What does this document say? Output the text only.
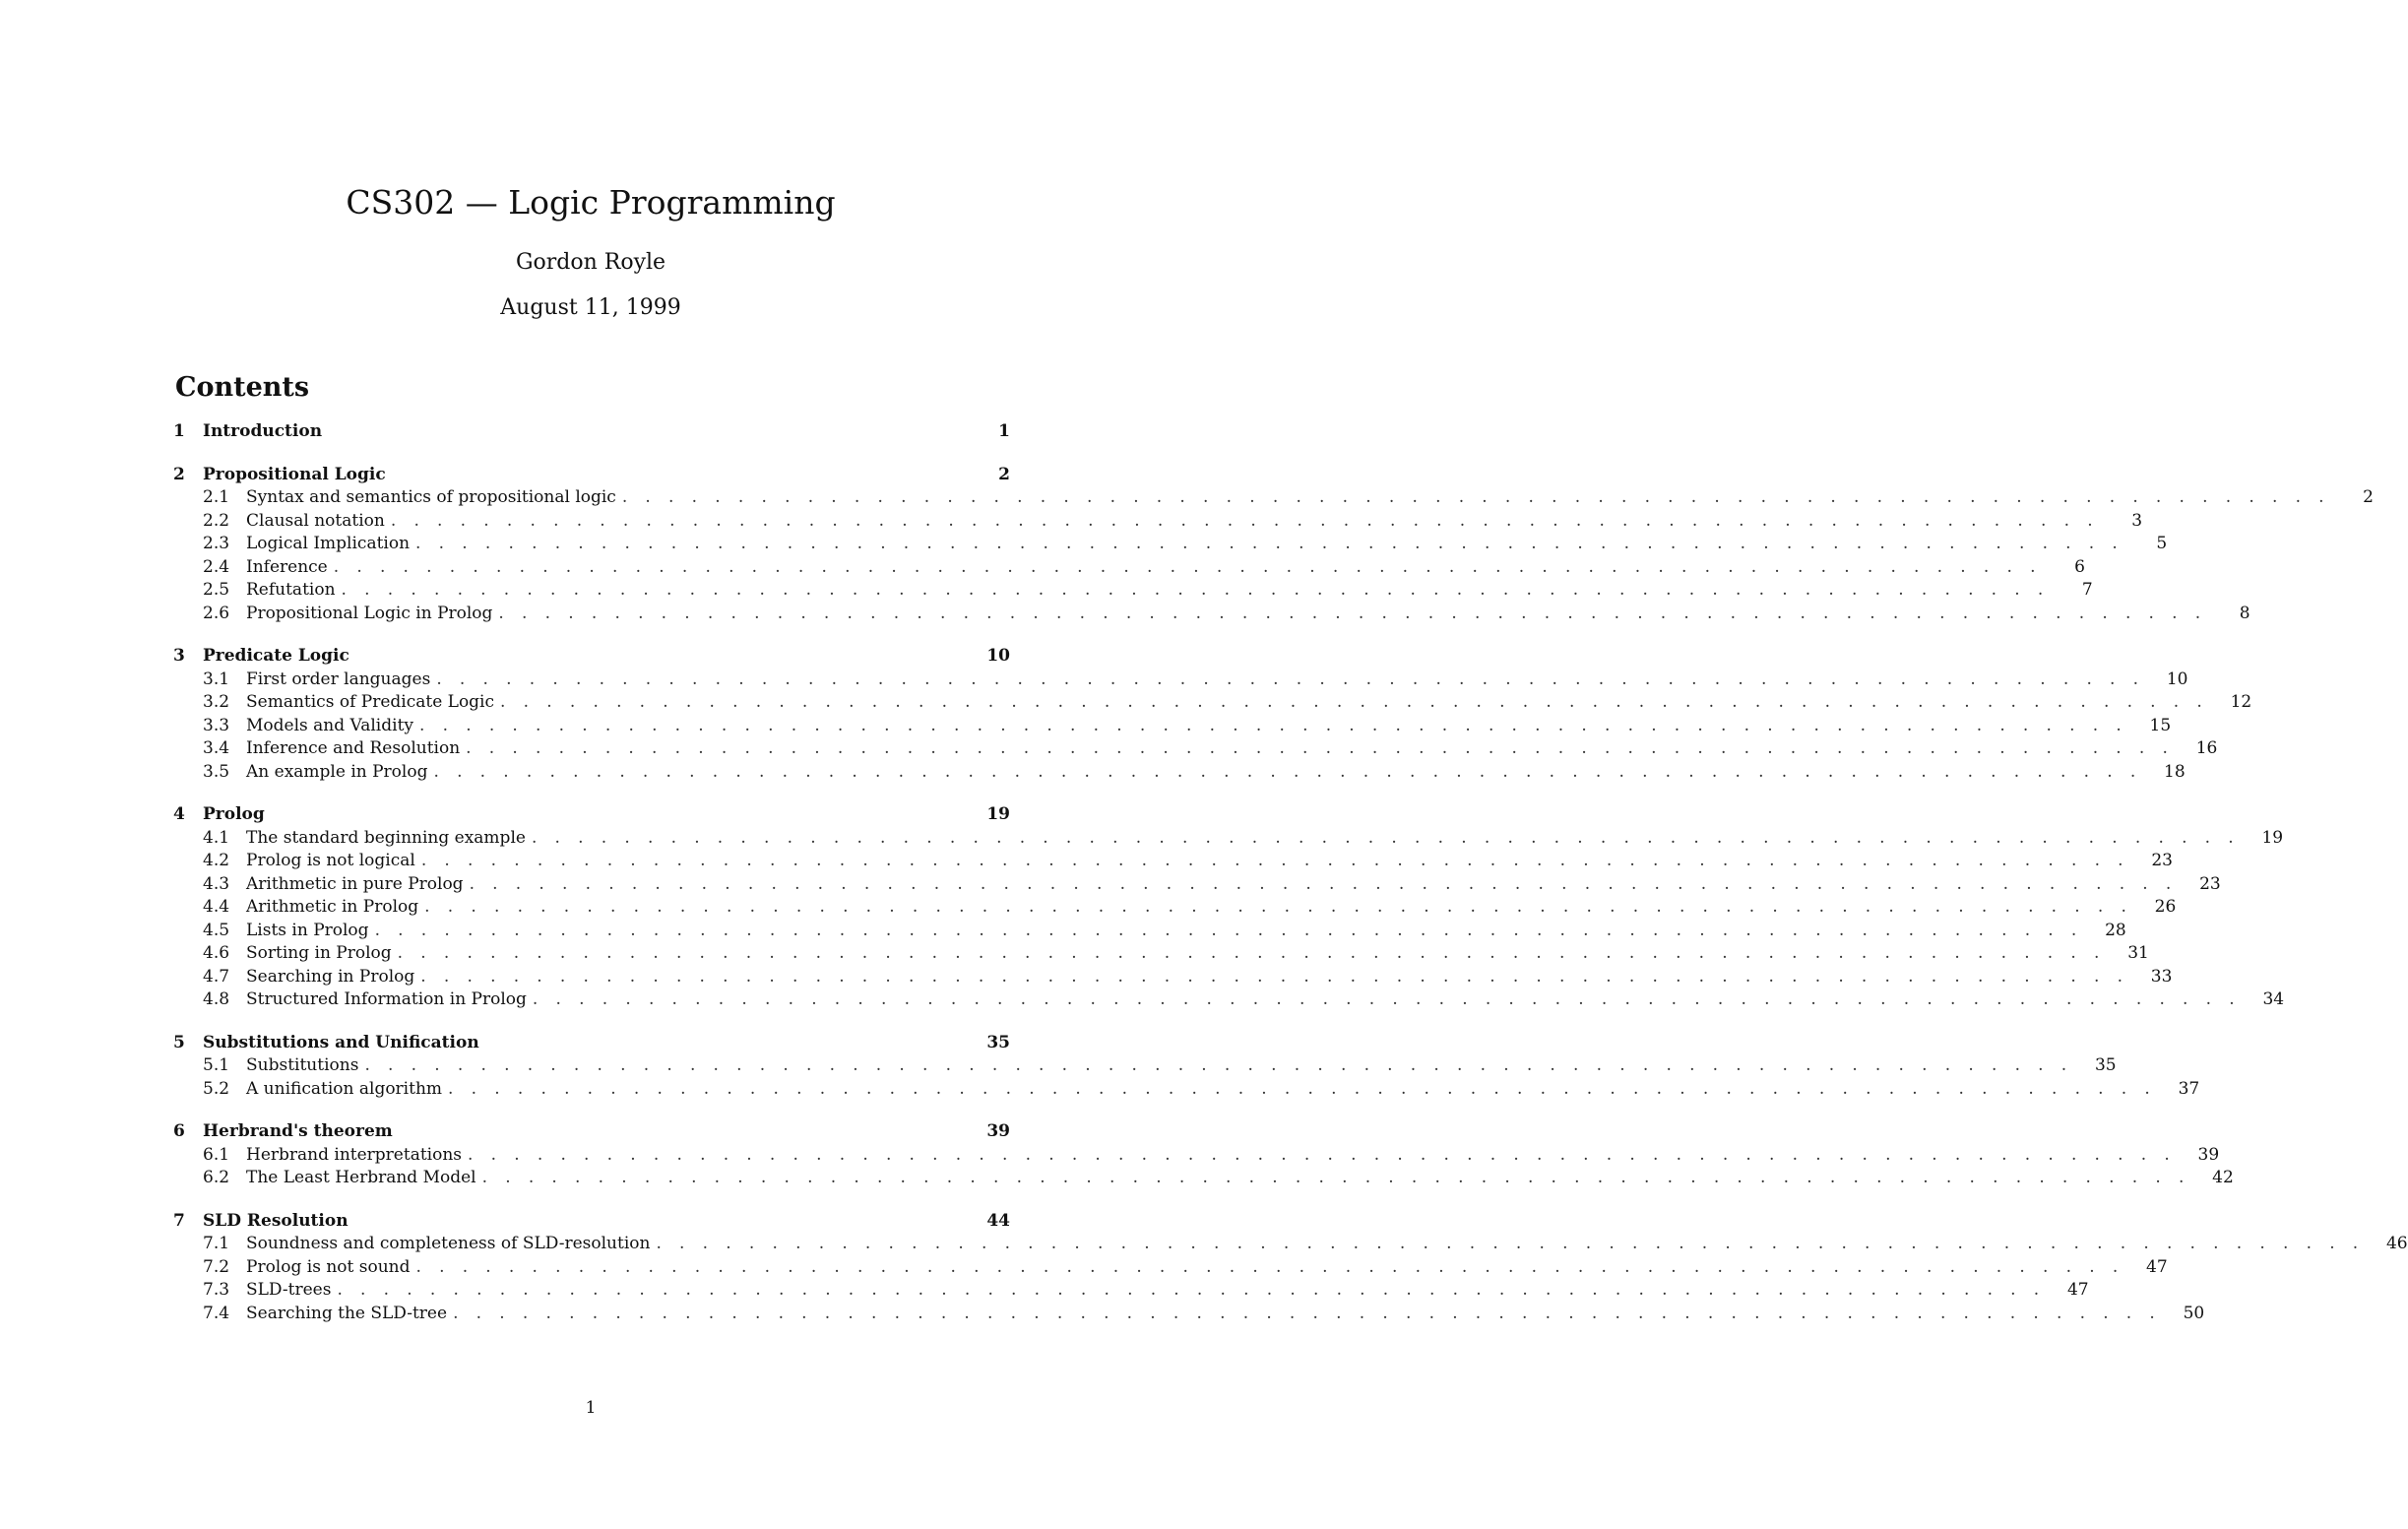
CS302 — Logic Programming
Gordon Royle
August 11, 1999
Contents
1	Introduction	1
2	Propositional Logic	2
2.1 Syntax and semantics of propositional logic . . . . . . . . . . . . . . . . . . . . . . . . . . . . . . . . . . . . . . . . . . . . . . . . . . . . . . . . . . . . . . . . . . . . . . . . . .	2
2.2 Clausal notation . . . . . . . . . . . . . . . . . . . . . . . . . . . . . . . . . . . . . . . . . . . . . . . . . . . . . . . . . . . . . . . . . . . . . . . . . .	3
2.3 Logical Implication . . . . . . . . . . . . . . . . . . . . . . . . . . . . . . . . . . . . . . . . . . . . . . . . . . . . . . . . . . . . . . . . . . . . . . . . . .	5
2.4 Inference . . . . . . . . . . . . . . . . . . . . . . . . . . . . . . . . . . . . . . . . . . . . . . . . . . . . . . . . . . . . . . . . . . . . . . . . . .	6
2.5 Refutation . . . . . . . . . . . . . . . . . . . . . . . . . . . . . . . . . . . . . . . . . . . . . . . . . . . . . . . . . . . . . . . . . . . . . . . . . .	7
2.6 Propositional Logic in Prolog . . . . . . . . . . . . . . . . . . . . . . . . . . . . . . . . . . . . . . . . . . . . . . . . . . . . . . . . . . . . . . . . . . . . . . . . . .	8
3	Predicate Logic	10
3.1 First order languages . . . . . . . . . . . . . . . . . . . . . . . . . . . . . . . . . . . . . . . . . . . . . . . . . . . . . . . . . . . . . . . . . . . . . . . . . .	10
3.2 Semantics of Predicate Logic . . . . . . . . . . . . . . . . . . . . . . . . . . . . . . . . . . . . . . . . . . . . . . . . . . . . . . . . . . . . . . . . . . . . . . . . . .	12
3.3 Models and Validity . . . . . . . . . . . . . . . . . . . . . . . . . . . . . . . . . . . . . . . . . . . . . . . . . . . . . . . . . . . . . . . . . . . . . . . . . .	15
3.4 Inference and Resolution . . . . . . . . . . . . . . . . . . . . . . . . . . . . . . . . . . . . . . . . . . . . . . . . . . . . . . . . . . . . . . . . . . . . . . . . . .	16
3.5 An example in Prolog . . . . . . . . . . . . . . . . . . . . . . . . . . . . . . . . . . . . . . . . . . . . . . . . . . . . . . . . . . . . . . . . . . . . . . . . . .	18
4	Prolog	19
4.1 The standard beginning example . . . . . . . . . . . . . . . . . . . . . . . . . . . . . . . . . . . . . . . . . . . . . . . . . . . . . . . . . . . . . . . . . . . . . . . . . .	19
4.2 Prolog is not logical . . . . . . . . . . . . . . . . . . . . . . . . . . . . . . . . . . . . . . . . . . . . . . . . . . . . . . . . . . . . . . . . . . . . . . . . . .	23
4.3 Arithmetic in pure Prolog . . . . . . . . . . . . . . . . . . . . . . . . . . . . . . . . . . . . . . . . . . . . . . . . . . . . . . . . . . . . . . . . . . . . . . . . . .	23
4.4 Arithmetic in Prolog . . . . . . . . . . . . . . . . . . . . . . . . . . . . . . . . . . . . . . . . . . . . . . . . . . . . . . . . . . . . . . . . . . . . . . . . . .	26
4.5 Lists in Prolog . . . . . . . . . . . . . . . . . . . . . . . . . . . . . . . . . . . . . . . . . . . . . . . . . . . . . . . . . . . . . . . . . . . . . . . . . .	28
4.6 Sorting in Prolog . . . . . . . . . . . . . . . . . . . . . . . . . . . . . . . . . . . . . . . . . . . . . . . . . . . . . . . . . . . . . . . . . . . . . . . . . .	31
4.7 Searching in Prolog . . . . . . . . . . . . . . . . . . . . . . . . . . . . . . . . . . . . . . . . . . . . . . . . . . . . . . . . . . . . . . . . . . . . . . . . . .	33
4.8 Structured Information in Prolog . . . . . . . . . . . . . . . . . . . . . . . . . . . . . . . . . . . . . . . . . . . . . . . . . . . . . . . . . . . . . . . . . . . . . . . . . .	34
5	Substitutions and Unification	35
5.1 Substitutions . . . . . . . . . . . . . . . . . . . . . . . . . . . . . . . . . . . . . . . . . . . . . . . . . . . . . . . . . . . . . . . . . . . . . . . . . .	35
5.2 A unification algorithm . . . . . . . . . . . . . . . . . . . . . . . . . . . . . . . . . . . . . . . . . . . . . . . . . . . . . . . . . . . . . . . . . . . . . . . . . .	37
6	Herbrand's theorem	39
6.1 Herbrand interpretations . . . . . . . . . . . . . . . . . . . . . . . . . . . . . . . . . . . . . . . . . . . . . . . . . . . . . . . . . . . . . . . . . . . . . . . . . .	39
6.2 The Least Herbrand Model . . . . . . . . . . . . . . . . . . . . . . . . . . . . . . . . . . . . . . . . . . . . . . . . . . . . . . . . . . . . . . . . . . . . . . . . . .	42
7	SLD Resolution	44
7.1 Soundness and completeness of SLD-resolution . . . . . . . . . . . . . . . . . . . . . . . . . . . . . . . . . . . . . . . . . . . . . . . . . . . . . . . . . . . . . . . . . . . . . . . . . .	46
7.2 Prolog is not sound . . . . . . . . . . . . . . . . . . . . . . . . . . . . . . . . . . . . . . . . . . . . . . . . . . . . . . . . . . . . . . . . . . . . . . . . . .	47
7.3 SLD-trees . . . . . . . . . . . . . . . . . . . . . . . . . . . . . . . . . . . . . . . . . . . . . . . . . . . . . . . . . . . . . . . . . . . . . . . . . .	47
7.4 Searching the SLD-tree . . . . . . . . . . . . . . . . . . . . . . . . . . . . . . . . . . . . . . . . . . . . . . . . . . . . . . . . . . . . . . . . . . . . . . . . . .	50
1
